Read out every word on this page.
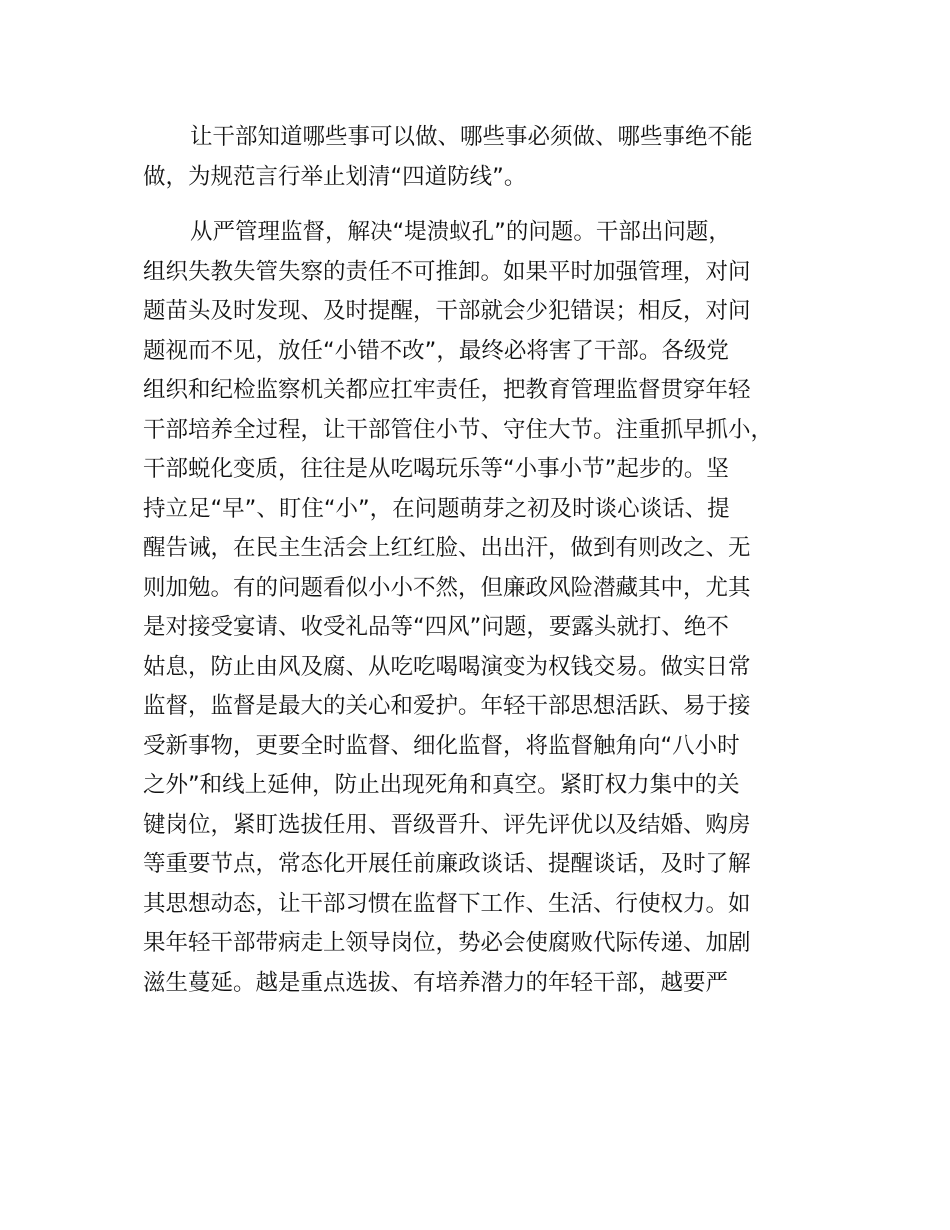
让干部知道哪些事可以做、哪些事必须做、哪些事绝不能
做，为规范言行举止划清“四道防线”。
从严管理监督，解决“堤溃蚁孔”的问题。干部出问题，
组织失教失管失察的责任不可推卸。如果平时加强管理，对问
题苗头及时发现、及时提醒，干部就会少犯错误；相反，对问
题视而不见，放任“小错不改”，最终必将害了干部。各级党
组织和纪检监察机关都应扛牢责任，把教育管理监督贯穿年轻
干部培养全过程，让干部管住小节、守住大节。注重抓早抓小，
干部蜕化变质，往往是从吃喝玩乐等“小事小节”起步的。坚
持立足“早”、盯住“小”，在问题萌芽之初及时谈心谈话、提
醒告诫，在民主生活会上红红脸、出出汗，做到有则改之、无
则加勉。有的问题看似小小不然，但廉政风险潜藏其中，尤其
是对接受宴请、收受礼品等“四风”问题，要露头就打、绝不
姑息，防止由风及腐、从吃吃喝喝演变为权钱交易。做实日常
监督，监督是最大的关心和爱护。年轻干部思想活跃、易于接
受新事物，更要全时监督、细化监督，将监督触角向“八小时
之外”和线上延伸，防止出现死角和真空。紧盯权力集中的关
键岗位，紧盯选拔任用、晋级晋升、评先评优以及结婚、购房
等重要节点，常态化开展任前廉政谈话、提醒谈话，及时了解
其思想动态，让干部习惯在监督下工作、生活、行使权力。如
果年轻干部带病走上领导岗位，势必会使腐败代际传递、加剧
滋生蔓延。越是重点选拔、有培养潜力的年轻干部，越要严
